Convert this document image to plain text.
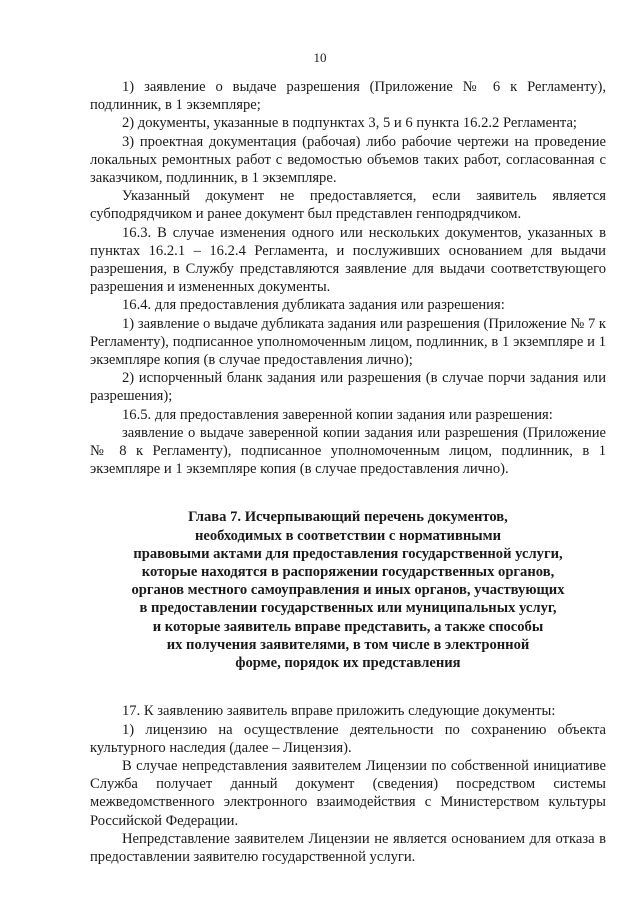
10

1) заявление о выдаче разрешения (Приложение № 6 к Регламенту), подлинник, в 1 экземпляре;

2) документы, указанные в подпунктах 3, 5 и 6 пункта 16.2.2 Регламента;

3) проектная документация (рабочая) либо рабочие чертежи на проведение локальных ремонтных работ с ведомостью объемов таких работ, согласованная с заказчиком, подлинник, в 1 экземпляре.

Указанный документ не предоставляется, если заявитель является субподрядчиком и ранее документ был представлен генподрядчиком.

16.3. В случае изменения одного или нескольких документов, указанных в пунктах 16.2.1 – 16.2.4 Регламента, и послуживших основанием для выдачи разрешения, в Службу представляются заявление для выдачи соответствующего разрешения и измененных документы.

16.4. для предоставления дубликата задания или разрешения:

1) заявление о выдаче дубликата задания или разрешения (Приложение № 7 к Регламенту), подписанное уполномоченным лицом, подлинник, в 1 экземпляре и 1 экземпляре копия (в случае предоставления лично);

2) испорченный бланк задания или разрешения (в случае порчи задания или разрешения);

16.5. для предоставления заверенной копии задания или разрешения:

заявление о выдаче заверенной копии задания или разрешения (Приложение № 8 к Регламенту), подписанное уполномоченным лицом, подлинник, в 1 экземпляре и 1 экземпляре копия (в случае предоставления лично).

Глава 7. Исчерпывающий перечень документов,
необходимых в соответствии с нормативными
правовыми актами для предоставления государственной услуги,
которые находятся в распоряжении государственных органов,
органов местного самоуправления и иных органов, участвующих
в предоставлении государственных или муниципальных услуг,
и которые заявитель вправе представить, а также способы
их получения заявителями, в том числе в электронной
форме, порядок их представления

17. К заявлению заявитель вправе приложить следующие документы:

1) лицензию на осуществление деятельности по сохранению объекта культурного наследия (далее – Лицензия).

В случае непредставления заявителем Лицензии по собственной инициативе Служба получает данный документ (сведения) посредством системы межведомственного электронного взаимодействия с Министерством культуры Российской Федерации.

Непредставление заявителем Лицензии не является основанием для отказа в предоставлении заявителю государственной услуги.
